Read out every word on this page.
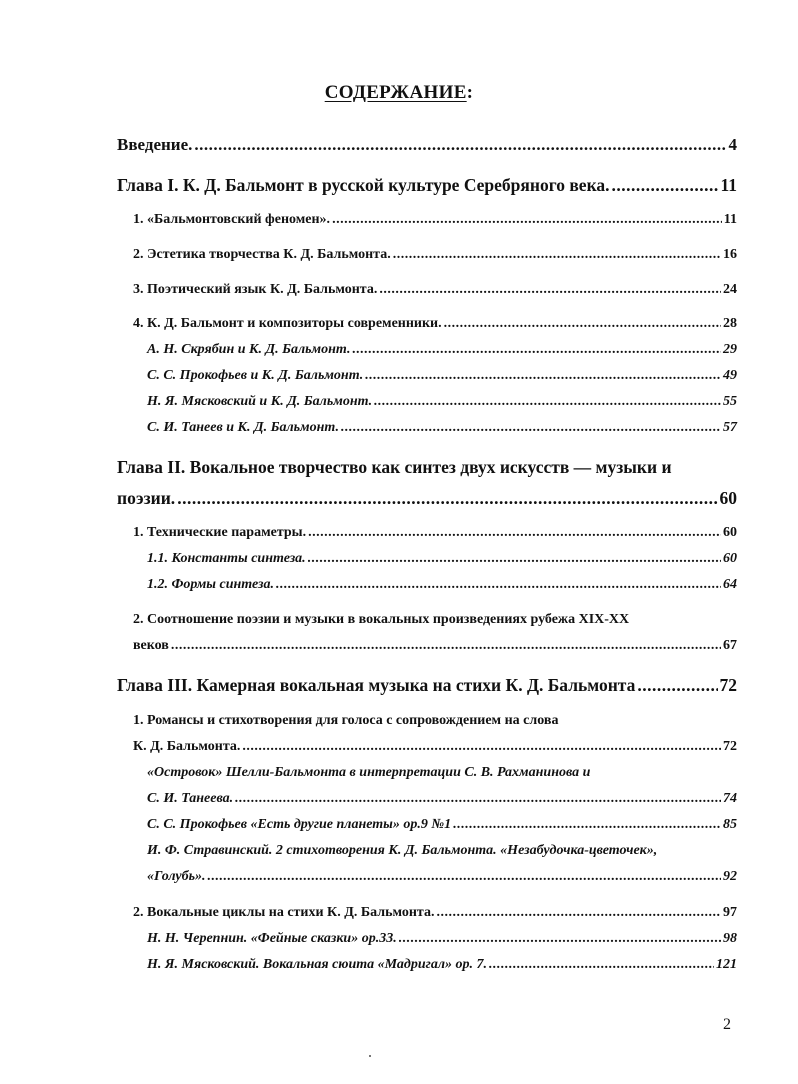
СОДЕРЖАНИЕ:
Введение. .....	4
Глава I. К. Д. Бальмонт в русской культуре Серебряного века. .....	11
1. «Бальмонтовский феномен». .....	11
2. Эстетика творчества К. Д. Бальмонта. .....	16
3. Поэтический язык К. Д. Бальмонта. .....	24
4. К. Д. Бальмонт и композиторы современники. .....	28
А. Н. Скрябин и К. Д. Бальмонт. .....	29
С. С. Прокофьев и К. Д. Бальмонт. .....	49
Н. Я. Мясковский и К. Д. Бальмонт. .....	55
С. И. Танеев и К. Д. Бальмонт. .....	57
Глава II. Вокальное творчество как синтез двух искусств — музыки и
поэзии. .....	60
1. Технические параметры. .....	60
1.1. Константы синтеза. .....	60
1.2. Формы синтеза. .....	64
2. Соотношение поэзии и музыки в вокальных произведениях рубежа XIX-XX
веков .....	67
Глава III. Камерная вокальная музыка на стихи К. Д. Бальмонта .....	72
1. Романсы и стихотворения для голоса с сопровождением на слова
К. Д. Бальмонта. .....	72
«Островок» Шелли-Бальмонта в интерпретации С. В. Рахманинова и
С. И. Танеева. .....	74
С. С. Прокофьев «Есть другие планеты» ор.9 №1 .....	85
И. Ф. Стравинский. 2 стихотворения К. Д. Бальмонта. «Незабудочка-цветочек»,
«Голубь». .....	92
2. Вокальные циклы на стихи К. Д. Бальмонта. .....	97
Н. Н. Черепнин. «Фейные сказки» ор.33. .....	98
Н. Я. Мясковский. Вокальная сюита «Мадригал» ор. 7. .....	121
2
